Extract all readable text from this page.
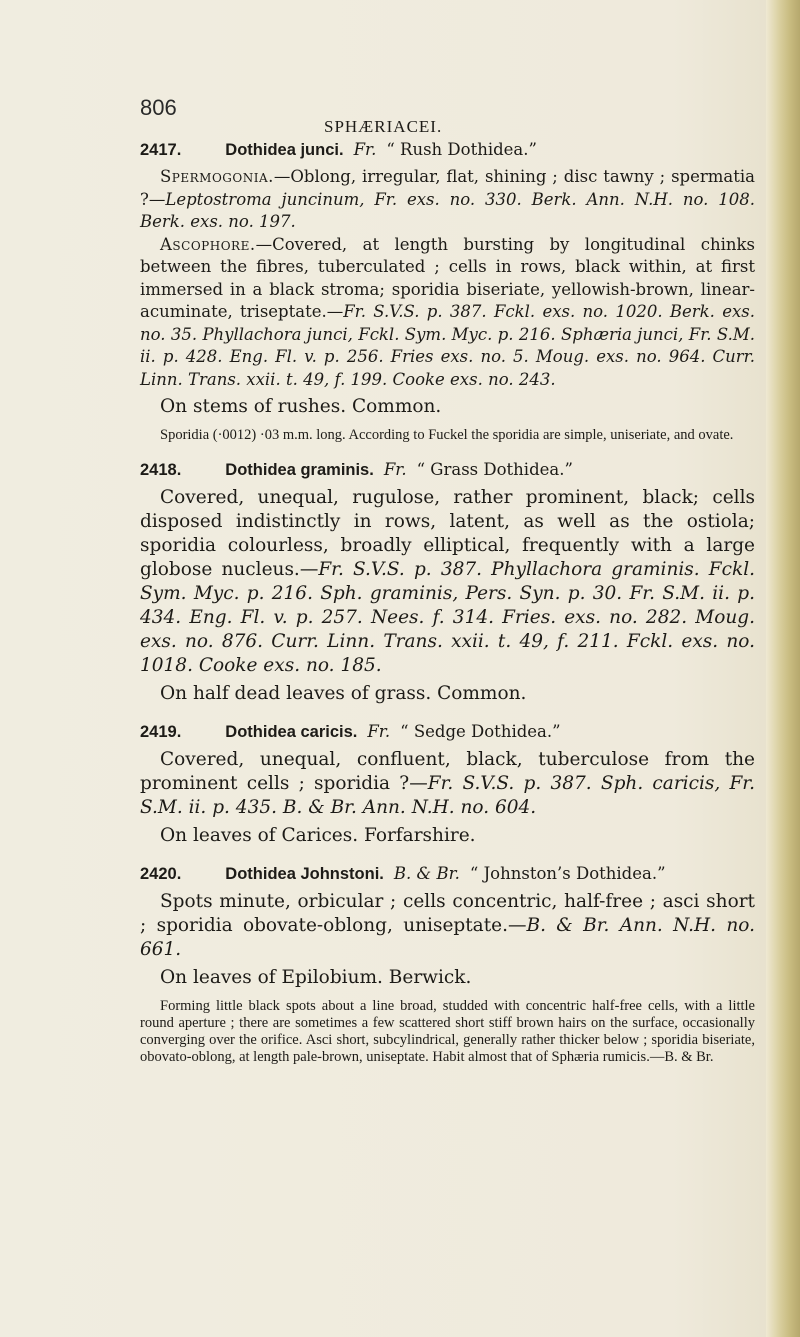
806
SPHÆRIACEI.

2417.	Dothidea junci. Fr. “ Rush Dothidea.”

Spermogonia.—Oblong, irregular, flat, shining ; disc tawny ; spermatia ?—Leptostroma juncinum, Fr. exs. no. 330. Berk. Ann. N.H. no. 108. Berk. exs. no. 197.

Ascophore.—Covered, at length bursting by longitudinal chinks between the fibres, tuberculated ; cells in rows, black within, at first immersed in a black stroma; sporidia biseriate, yellowish-brown, linear-acuminate, triseptate.—Fr. S.V.S. p. 387. Fckl. exs. no. 1020. Berk. exs. no. 35. Phyllachora junci, Fckl. Sym. Myc. p. 216. Sphæria junci, Fr. S.M. ii. p. 428. Eng. Fl. v. p. 256. Fries exs. no. 5. Moug. exs. no. 964. Curr. Linn. Trans. xxii. t. 49, f. 199. Cooke exs. no. 243.

On stems of rushes. Common.

Sporidia (·0012) ·03 m.m. long. According to Fuckel the sporidia are simple, uniseriate, and ovate.

2418.	Dothidea graminis. Fr. “ Grass Dothidea.”

Covered, unequal, rugulose, rather prominent, black; cells disposed indistinctly in rows, latent, as well as the ostiola; sporidia colourless, broadly elliptical, frequently with a large globose nucleus.—Fr. S.V.S. p. 387. Phyllachora graminis. Fckl. Sym. Myc. p. 216. Sph. graminis, Pers. Syn. p. 30. Fr. S.M. ii. p. 434. Eng. Fl. v. p. 257. Nees. f. 314. Fries. exs. no. 282. Moug. exs. no. 876. Curr. Linn. Trans. xxii. t. 49, f. 211. Fckl. exs. no. 1018. Cooke exs. no. 185.

On half dead leaves of grass. Common.

2419.	Dothidea caricis. Fr. “ Sedge Dothidea.”

Covered, unequal, confluent, black, tuberculose from the prominent cells ; sporidia ?—Fr. S.V.S. p. 387. Sph. caricis, Fr. S.M. ii. p. 435. B. & Br. Ann. N.H. no. 604.

On leaves of Carices. Forfarshire.

2420.	Dothidea Johnstoni. B. & Br. “ Johnston’s Dothidea.”

Spots minute, orbicular ; cells concentric, half-free ; asci short ; sporidia obovate-oblong, uniseptate.—B. & Br. Ann. N.H. no. 661.

On leaves of Epilobium. Berwick.

Forming little black spots about a line broad, studded with concentric half-free cells, with a little round aperture ; there are sometimes a few scattered short stiff brown hairs on the surface, occasionally converging over the orifice. Asci short, subcylindrical, generally rather thicker below ; sporidia biseriate, obovato-oblong, at length pale-brown, uniseptate. Habit almost that of Sphæria rumicis.—B. & Br.
